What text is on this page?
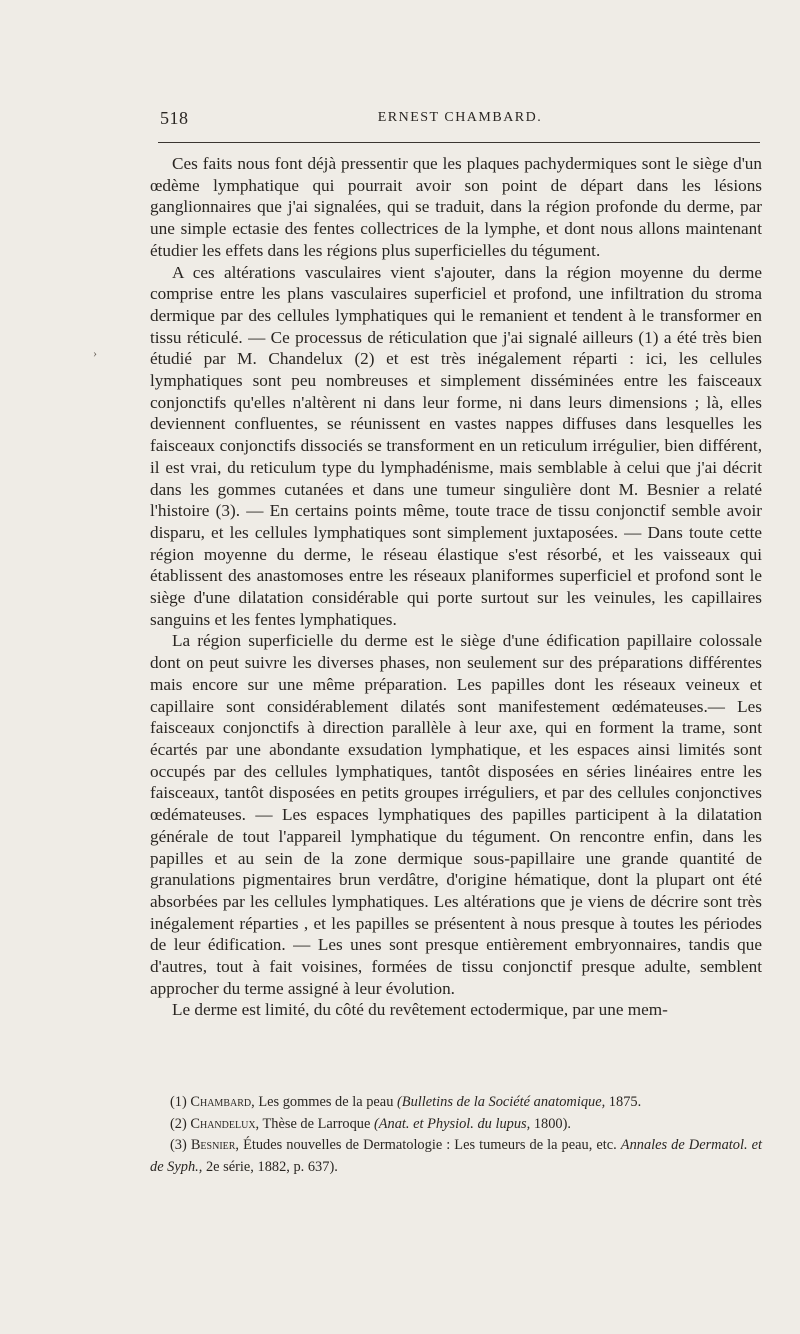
518	ERNEST CHAMBARD.
›

Ces faits nous font déjà pressentir que les plaques pachydermiques sont le siège d'un œdème lymphatique qui pourrait avoir son point de départ dans les lésions ganglionnaires que j'ai signalées, qui se traduit, dans la région profonde du derme, par une simple ectasie des fentes collectrices de la lymphe, et dont nous allons maintenant étudier les effets dans les régions plus superficielles du tégument.

A ces altérations vasculaires vient s'ajouter, dans la région moyenne du derme comprise entre les plans vasculaires superficiel et profond, une infiltration du stroma dermique par des cellules lymphatiques qui le remanient et tendent à le transformer en tissu réticulé. — Ce processus de réticulation que j'ai signalé ailleurs (1) a été très bien étudié par M. Chandelux (2) et est très inégalement réparti : ici, les cellules lymphatiques sont peu nombreuses et simplement disséminées entre les faisceaux conjonctifs qu'elles n'altèrent ni dans leur forme, ni dans leurs dimensions ; là, elles deviennent confluentes, se réunissent en vastes nappes diffuses dans lesquelles les faisceaux conjonctifs dissociés se transforment en un reticulum irrégulier, bien différent, il est vrai, du reticulum type du lymphadénisme, mais semblable à celui que j'ai décrit dans les gommes cutanées et dans une tumeur singulière dont M. Besnier a relaté l'histoire (3). — En certains points même, toute trace de tissu conjonctif semble avoir disparu, et les cellules lymphatiques sont simplement juxtaposées. — Dans toute cette région moyenne du derme, le réseau élastique s'est résorbé, et les vaisseaux qui établissent des anastomoses entre les réseaux planiformes superficiel et profond sont le siège d'une dilatation considérable qui porte surtout sur les veinules, les capillaires sanguins et les fentes lymphatiques.

La région superficielle du derme est le siège d'une édification papillaire colossale dont on peut suivre les diverses phases, non seulement sur des préparations différentes mais encore sur une même préparation. Les papilles dont les réseaux veineux et capillaire sont considérablement dilatés sont manifestement œdémateuses.— Les faisceaux conjonctifs à direction parallèle à leur axe, qui en forment la trame, sont écartés par une abondante exsudation lymphatique, et les espaces ainsi limités sont occupés par des cellules lymphatiques, tantôt disposées en séries linéaires entre les faisceaux, tantôt disposées en petits groupes irréguliers, et par des cellules conjonctives œdémateuses. — Les espaces lymphatiques des papilles participent à la dilatation générale de tout l'appareil lymphatique du tégument. On rencontre enfin, dans les papilles et au sein de la zone dermique sous-papillaire une grande quantité de granulations pigmentaires brun verdâtre, d'origine hématique, dont la plupart ont été absorbées par les cellules lymphatiques. Les altérations que je viens de décrire sont très inégalement réparties , et les papilles se présentent à nous presque à toutes les périodes de leur édification. — Les unes sont presque entièrement embryonnaires, tandis que d'autres, tout à fait voisines, formées de tissu conjonctif presque adulte, semblent approcher du terme assigné à leur évolution.

Le derme est limité, du côté du revêtement ectodermique, par une mem-

(1) Chambard, Les gommes de la peau (Bulletins de la Société anatomique, 1875.

(2) Chandelux, Thèse de Larroque (Anat. et Physiol. du lupus, 1800).

(3) Besnier, Études nouvelles de Dermatologie : Les tumeurs de la peau, etc. Annales de Dermatol. et de Syph., 2e série, 1882, p. 637).
